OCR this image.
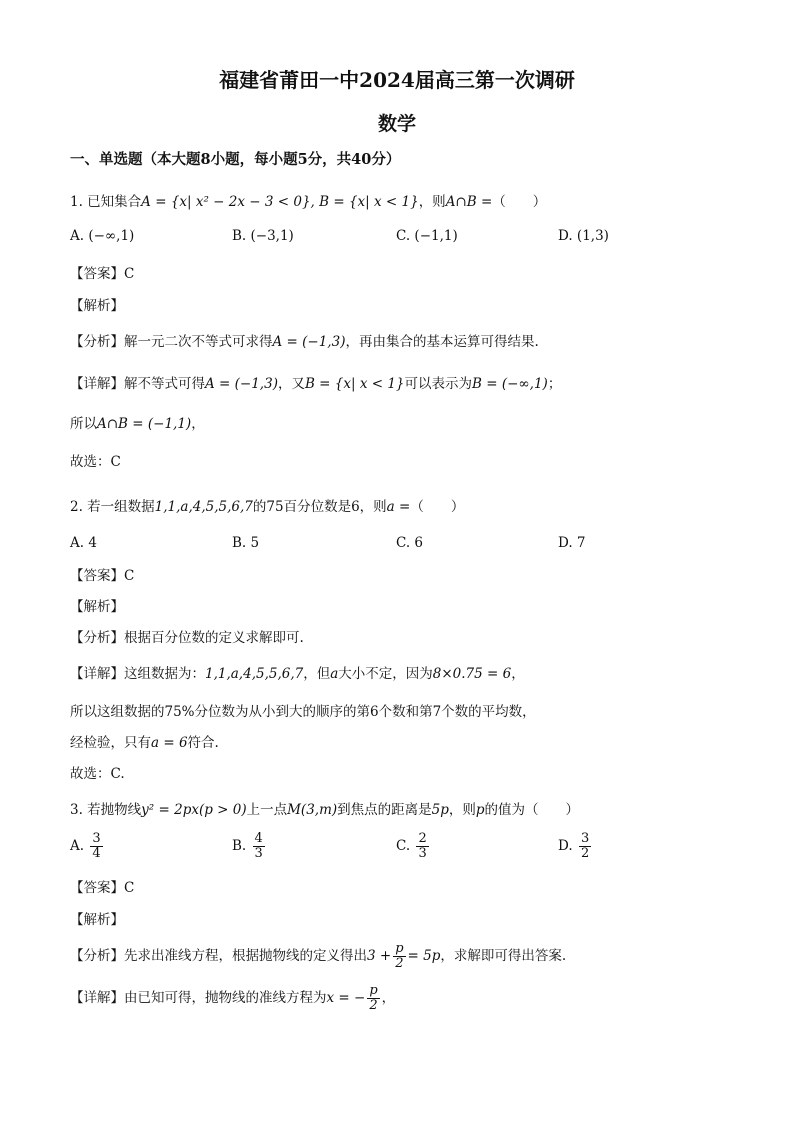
福建省莆田一中2024届高三第一次调研
数学
一、单选题（本大题8小题，每小题5分，共40分）
1. 已知集合A = {x| x² − 2x − 3 < 0}, B = {x| x < 1}，则A∩B =（　　）
A. (−∞,1)	B. (−3,1)	C. (−1,1)	D. (1,3)
【答案】C
【解析】
【分析】解一元二次不等式可求得A = (−1,3)，再由集合的基本运算可得结果.
【详解】解不等式可得A = (−1,3)，又B = {x| x < 1}可以表示为B = (−∞,1)；
所以A∩B = (−1,1)，
故选：C
2. 若一组数据1,1,a,4,5,5,6,7的75百分位数是6，则a =（　　）
A. 4	B. 5	C. 6	D. 7
【答案】C
【解析】
【分析】根据百分位数的定义求解即可.
【详解】这组数据为：1,1,a,4,5,5,6,7，但a大小不定，因为8×0.75 = 6，
所以这组数据的75%分位数为从小到大的顺序的第6个数和第7个数的平均数，
经检验，只有a = 6符合.
故选：C.
3. 若抛物线y² = 2px(p > 0)上一点M(3,m)到焦点的距离是5p，则p的值为（　　）
A. $\frac{3}{4}$	B. $\frac{4}{3}$	C. $\frac{2}{3}$	D. $\frac{3}{2}$
【答案】C
【解析】
【分析】先求出准线方程，根据抛物线的定义得出$3 + \frac{p}{2} = 5p$，求解即可得出答案.
【详解】由已知可得，抛物线的准线方程为x = − $\frac{p}{2}$ ，
